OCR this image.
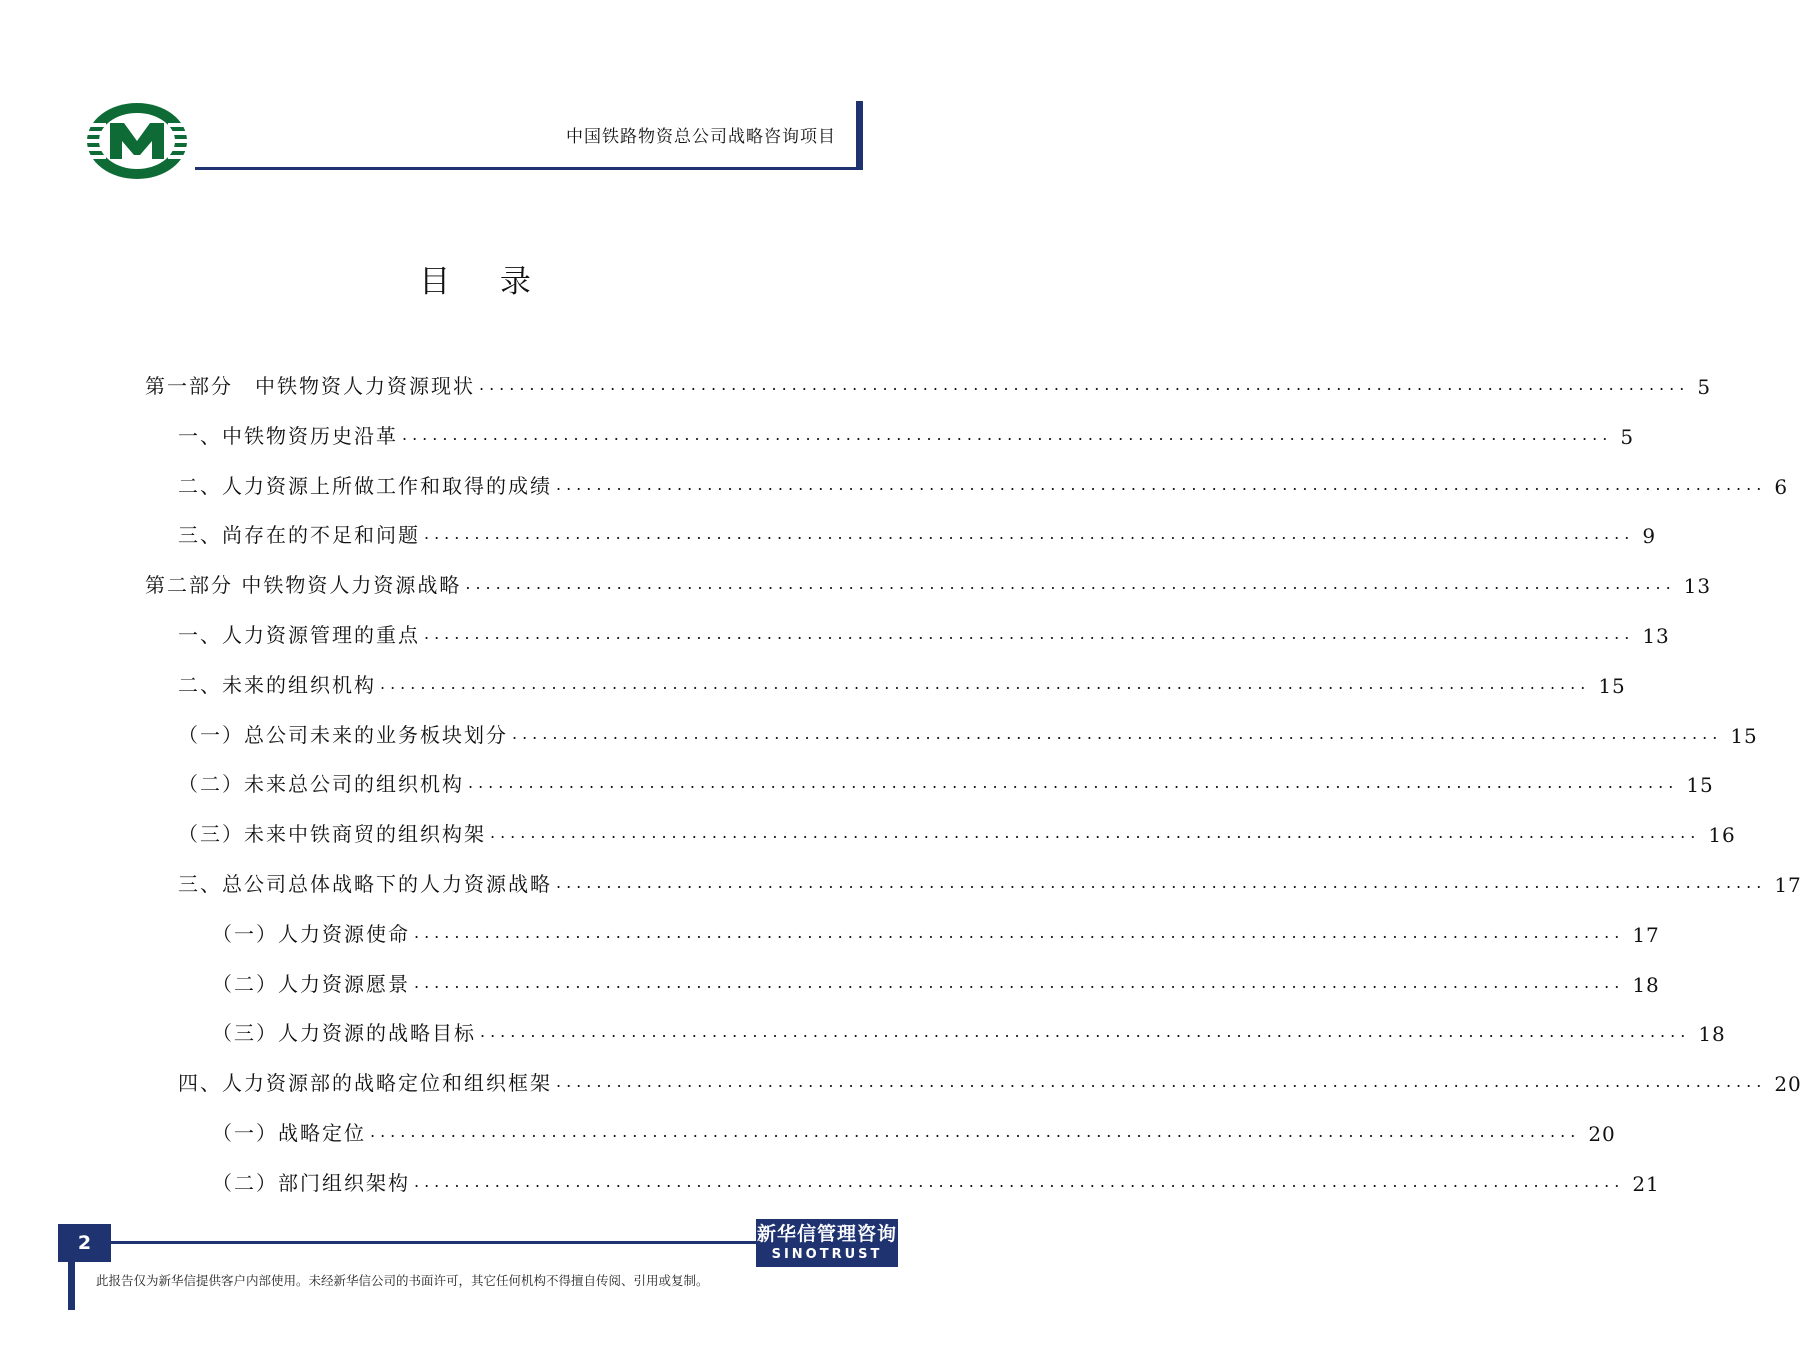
中国铁路物资总公司战略咨询项目
目 录
第一部分　中铁物资人力资源现状 ........................................................................................................................ 5
一、中铁物资历史沿革 ........................................................................................................................ 5
二、人力资源上所做工作和取得的成绩 ........................................................................................................................ 6
三、尚存在的不足和问题 ........................................................................................................................ 9
第二部分 中铁物资人力资源战略 ........................................................................................................................ 13
一、人力资源管理的重点 ........................................................................................................................ 13
二、未来的组织机构 ........................................................................................................................ 15
（一）总公司未来的业务板块划分 ........................................................................................................................ 15
（二）未来总公司的组织机构 ........................................................................................................................ 15
（三）未来中铁商贸的组织构架 ........................................................................................................................ 16
三、总公司总体战略下的人力资源战略 ........................................................................................................................ 17
（一）人力资源使命 ........................................................................................................................ 17
（二）人力资源愿景 ........................................................................................................................ 18
（三）人力资源的战略目标 ........................................................................................................................ 18
四、人力资源部的战略定位和组织框架 ........................................................................................................................ 20
（一）战略定位 ........................................................................................................................ 20
（二）部门组织架构 ........................................................................................................................ 21
2	新华信管理咨询
SINOTRUST
此报告仅为新华信提供客户内部使用。未经新华信公司的书面许可，其它任何机构不得擅自传阅、引用或复制。
